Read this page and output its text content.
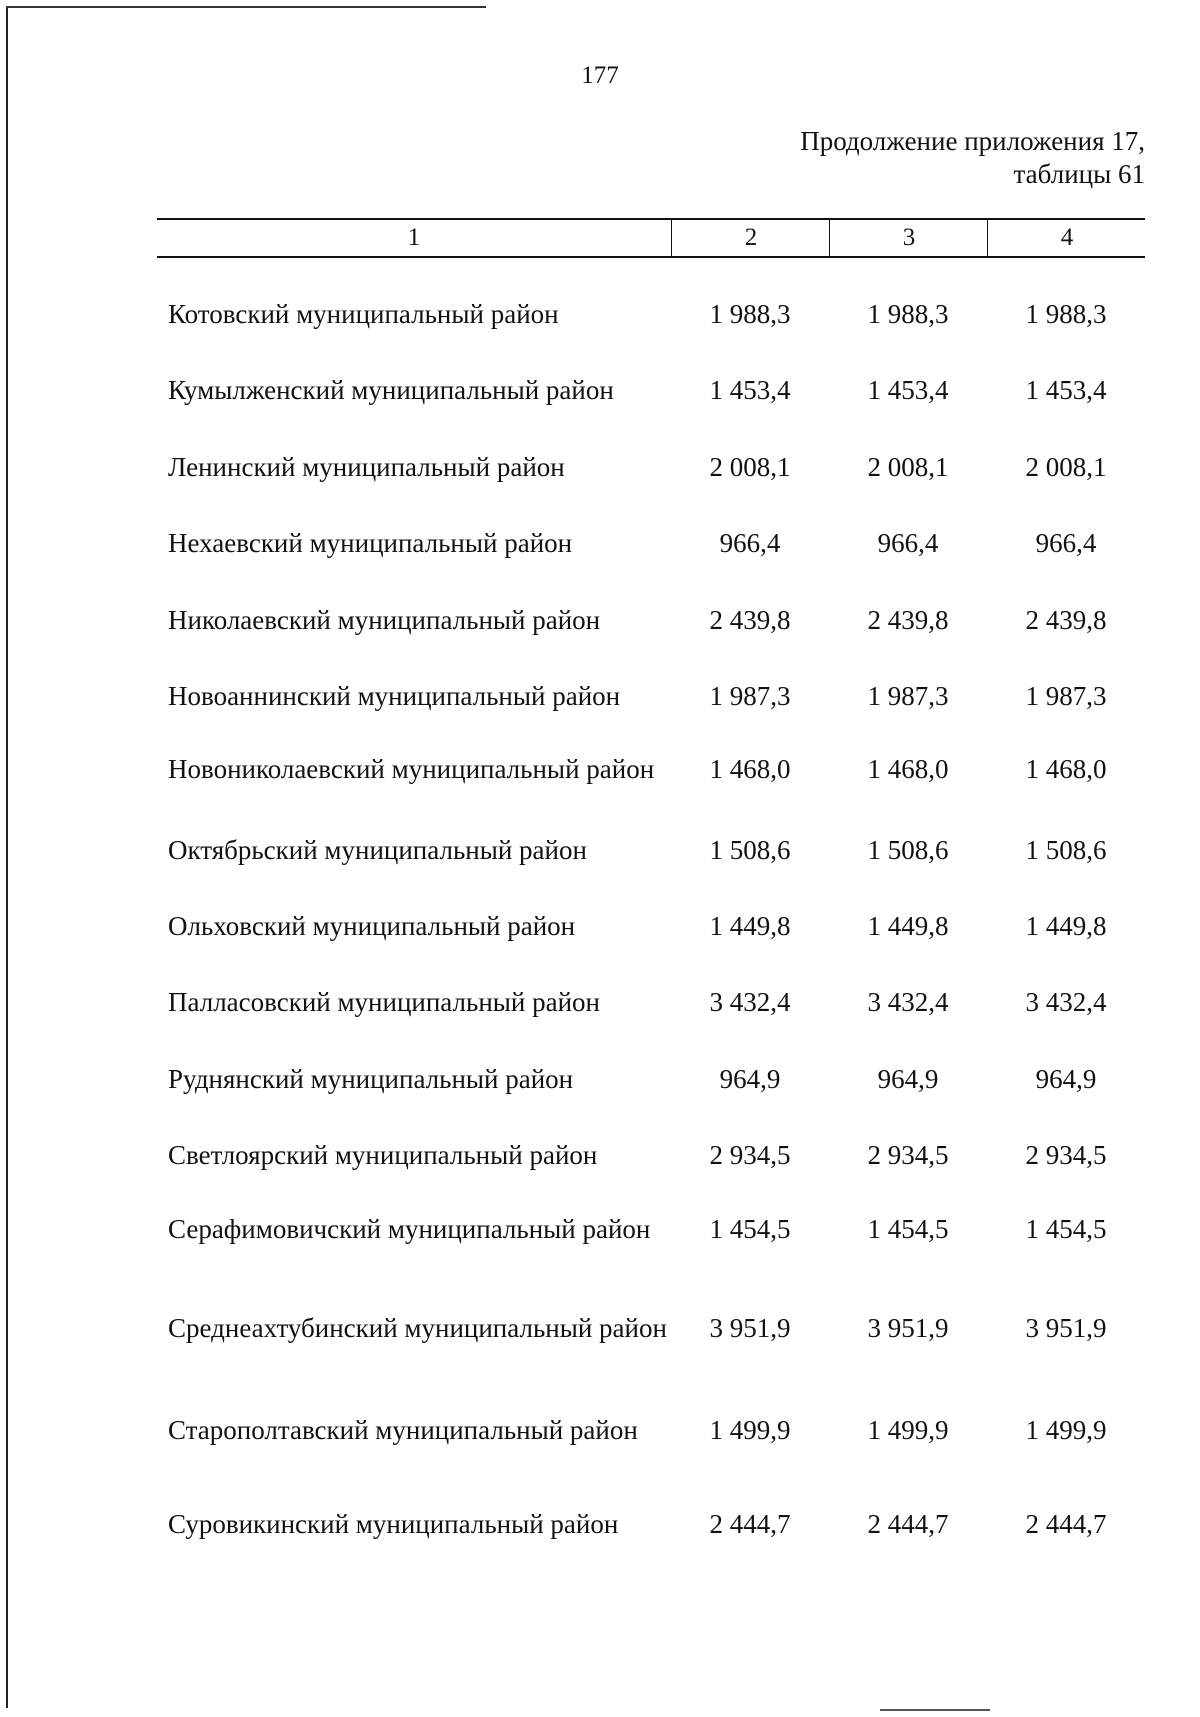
177
Продолжение приложения 17,
таблицы 61
1	2	3	4
Котовский муниципальный район	1 988,3	1 988,3	1 988,3
Кумылженский муниципальный район	1 453,4	1 453,4	1 453,4
Ленинский муниципальный район	2 008,1	2 008,1	2 008,1
Нехаевский муниципальный район	966,4	966,4	966,4
Николаевский муниципальный район	2 439,8	2 439,8	2 439,8
Новоаннинский муниципальный район	1 987,3	1 987,3	1 987,3
Новониколаевский муниципальный район	1 468,0	1 468,0	1 468,0
Октябрьский муниципальный район	1 508,6	1 508,6	1 508,6
Ольховский муниципальный район	1 449,8	1 449,8	1 449,8
Палласовский муниципальный район	3 432,4	3 432,4	3 432,4
Руднянский муниципальный район	964,9	964,9	964,9
Светлоярский муниципальный район	2 934,5	2 934,5	2 934,5
Серафимовичский муниципальный район	1 454,5	1 454,5	1 454,5
Среднеахтубинский муниципальный район	3 951,9	3 951,9	3 951,9
Старополтавский муниципальный район	1 499,9	1 499,9	1 499,9
Суровикинский муниципальный район	2 444,7	2 444,7	2 444,7
